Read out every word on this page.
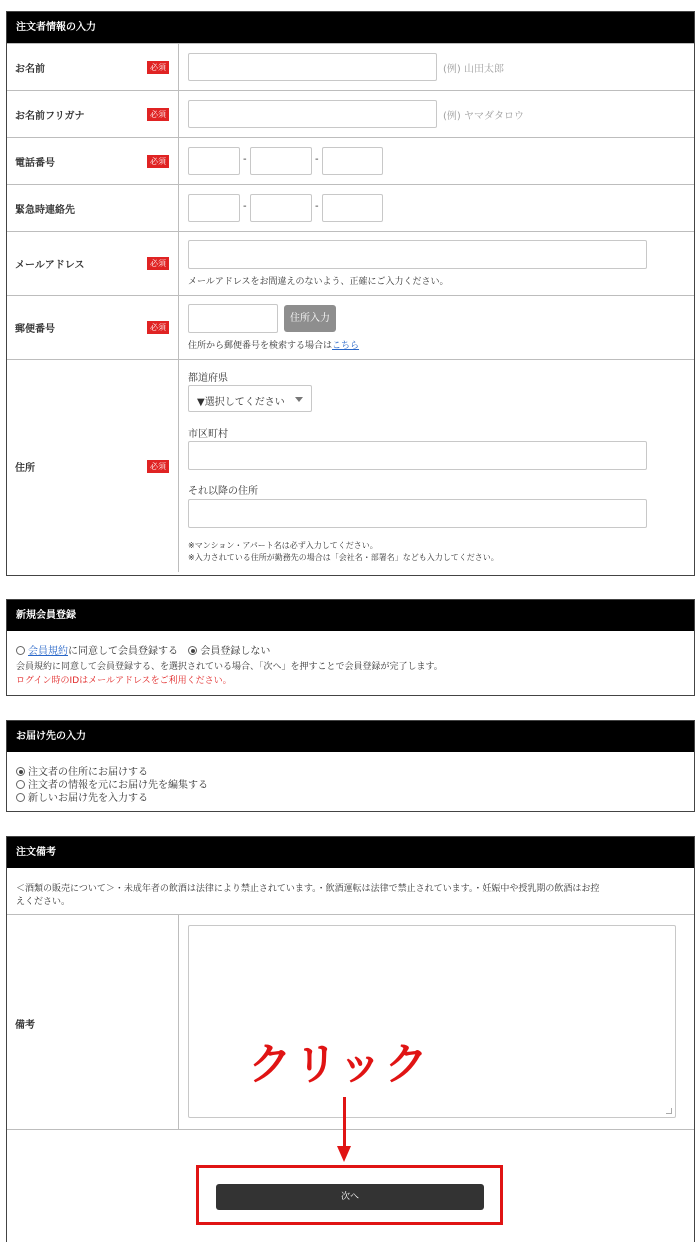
注文者情報の入力
お名前	必須	(例) 山田太郎
お名前フリガナ	必須	(例) ヤマダタロウ
電話番号	必須	-	-
緊急時連絡先	-	-
メールアドレス	必須
メールアドレスをお間違えのないよう、正確にご入力ください。
郵便番号	必須
住所入力
住所から郵便番号を検索する場合はこちら
住所	必須
都道府県
▼選択してください
市区町村
それ以降の住所
※マンション・アパート名は必ず入力してください。
※入力されている住所が勤務先の場合は「会社名・部署名」なども入力してください。
新規会員登録
会員規約に同意して会員登録する 会員登録しない
会員規約に同意して会員登録する、を選択されている場合、「次へ」を押すことで会員登録が完了します。
ログイン時のIDはメールアドレスをご利用ください。
お届け先の入力
注文者の住所にお届けする
注文者の情報を元にお届け先を編集する
新しいお届け先を入力する
注文備考
＜酒類の販売について＞・未成年者の飲酒は法律により禁止されています。・飲酒運転は法律で禁止されています。・妊娠中や授乳期の飲酒はお控
えください。
備考
クリック
次へ
